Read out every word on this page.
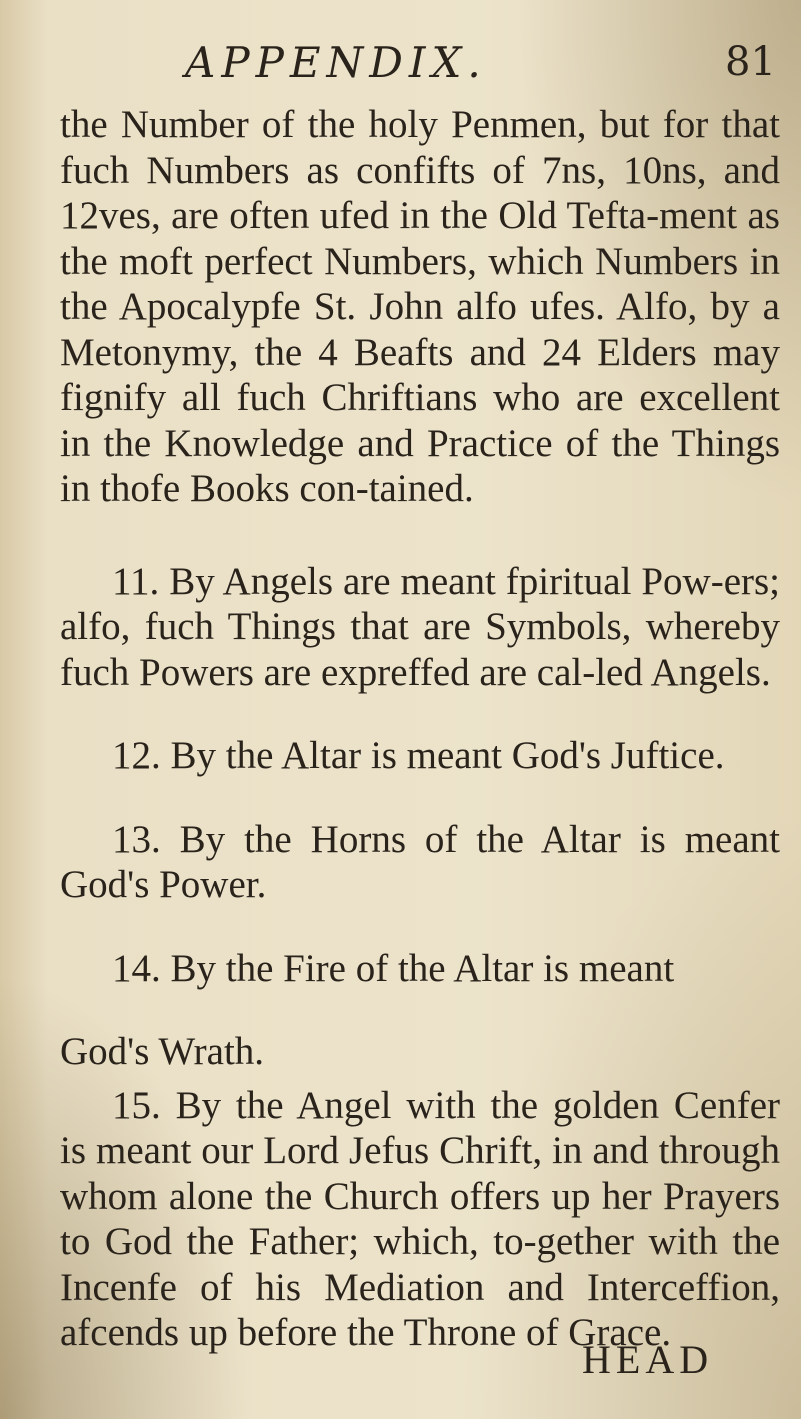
APPENDIX.	81

the Number of the holy Penmen, but for that fuch Numbers as confifts of 7ns, 10ns, and 12ves, are often ufed in the Old Tefta-ment as the moft perfect Numbers, which Numbers in the Apocalypfe St. John alfo ufes. Alfo, by a Metonymy, the 4 Beafts and 24 Elders may fignify all fuch Chriftians who are excellent in the Knowledge and Practice of the Things in thofe Books con-tained.

11. By Angels are meant fpiritual Pow-ers; alfo, fuch Things that are Symbols, whereby fuch Powers are expreffed are cal-led Angels.

12. By the Altar is meant God's Juftice.

13. By the Horns of the Altar is meant God's Power.

14. By the Fire of the Altar is meant

God's Wrath.

15. By the Angel with the golden Cenfer is meant our Lord Jefus Chrift, in and through whom alone the Church offers up her Prayers to God the Father; which, to-gether with the Incenfe of his Mediation and Interceffion, afcends up before the Throne of Grace.

HEAD
